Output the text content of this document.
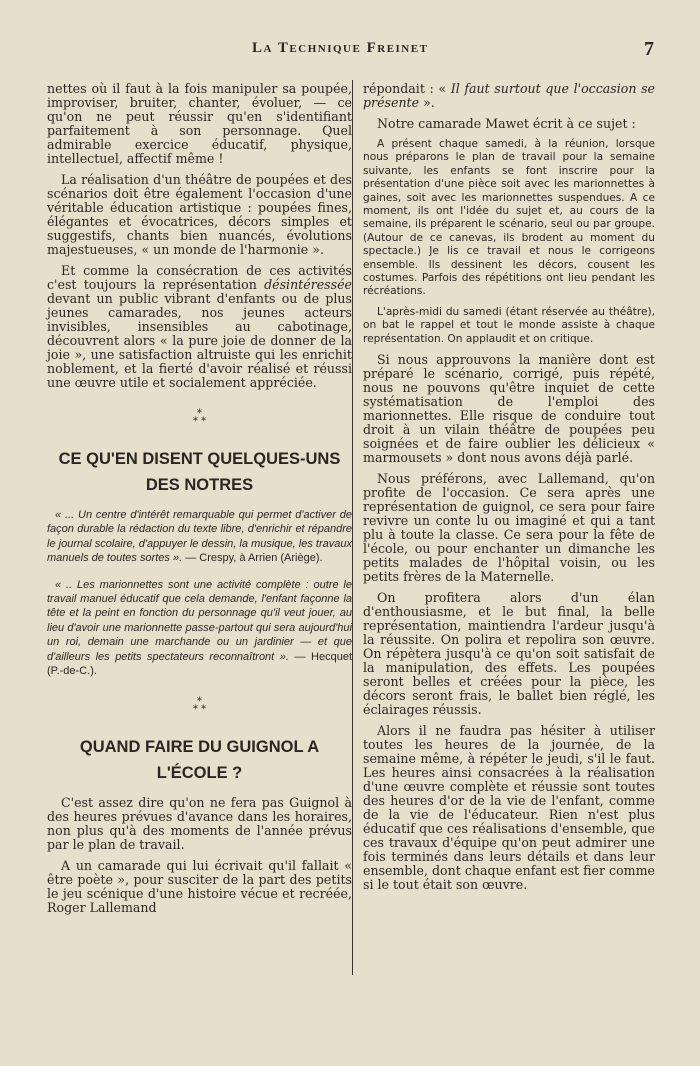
La Technique Freinet	7

nettes où il faut à la fois manipuler sa poupée, improviser, bruiter, chanter, évoluer, — ce qu'on ne peut réussir qu'en s'identifiant parfaitement à son personnage. Quel admirable exercice éducatif, physique, intellectuel, affectif même !

La réalisation d'un théâtre de poupées et des scénarios doit être également l'occasion d'une véritable éducation artistique : poupées fines, élégantes et évocatrices, décors simples et suggestifs, chants bien nuancés, évolutions majestueuses, « un monde de l'harmonie ».

Et comme la consécration de ces activités c'est toujours la représentation désintéressée devant un public vibrant d'enfants ou de plus jeunes camarades, nos jeunes acteurs invisibles, insensibles au cabotinage, découvrent alors « la pure joie de donner de la joie », une satisfaction altruiste qui les enrichit noblement, et la fierté d'avoir réalisé et réussi une œuvre utile et socialement appréciée.

*
* *
CE QU'EN DISENT QUELQUES-UNS DES NOTRES

« ... Un centre d'intérêt remarquable qui permet d'activer de façon durable la rédaction du texte libre, d'enrichir et répandre le journal scolaire, d'appuyer le dessin, la musique, les travaux manuels de toutes sortes ». — Crespy, à Arrien (Ariège).

« .. Les marionnettes sont une activité complète : outre le travail manuel éducatif que cela demande, l'enfant façonne la tête et la peint en fonction du personnage qu'il veut jouer, au lieu d'avoir une marionnette passe-partout qui sera aujourd'hui un roi, demain une marchande ou un jardinier — et que d'ailleurs les petits spectateurs reconnaîtront ». — Hecquet (P.-de-C.).

*
* *
QUAND FAIRE DU GUIGNOL A L'ÉCOLE ?

C'est assez dire qu'on ne fera pas Guignol à des heures prévues d'avance dans les horaires, non plus qu'à des moments de l'année prévus par le plan de travail.

A un camarade qui lui écrivait qu'il fallait « être poète », pour susciter de la part des petits le jeu scénique d'une histoire vécue et recréée, Roger Lallemand

répondait : « Il faut surtout que l'occasion se présente ».

Notre camarade Mawet écrit à ce sujet :

A présent chaque samedi, à la réunion, lorsque nous préparons le plan de travail pour la semaine suivante, les enfants se font inscrire pour la présentation d'une pièce soit avec les marionnettes à gaines, soit avec les marionnettes suspendues. A ce moment, ils ont l'idée du sujet et, au cours de la semaine, ils préparent le scénario, seul ou par groupe. (Autour de ce canevas, ils brodent au moment du spectacle.) Je lis ce travail et nous le corrigeons ensemble. Ils dessinent les décors, cousent les costumes. Parfois des répétitions ont lieu pendant les récréations.

L'après-midi du samedi (étant réservée au théâtre), on bat le rappel et tout le monde assiste à chaque représentation. On applaudit et on critique.

Si nous approuvons la manière dont est préparé le scénario, corrigé, puis répété, nous ne pouvons qu'être inquiet de cette systématisation de l'emploi des marionnettes. Elle risque de conduire tout droit à un vilain théâtre de poupées peu soignées et de faire oublier les délicieux « marmousets » dont nous avons déjà parlé.

Nous préférons, avec Lallemand, qu'on profite de l'occasion. Ce sera après une représentation de guignol, ce sera pour faire revivre un conte lu ou imaginé et qui a tant plu à toute la classe. Ce sera pour la fête de l'école, ou pour enchanter un dimanche les petits malades de l'hôpital voisin, ou les petits frères de la Maternelle.

On profitera alors d'un élan d'enthousiasme, et le but final, la belle représentation, maintiendra l'ardeur jusqu'à la réussite. On polira et repolira son œuvre. On répètera jusqu'à ce qu'on soit satisfait de la manipulation, des effets. Les poupées seront belles et créées pour la pièce, les décors seront frais, le ballet bien réglé, les éclairages réussis.

Alors il ne faudra pas hésiter à utiliser toutes les heures de la journée, de la semaine même, à répéter le jeudi, s'il le faut. Les heures ainsi consacrées à la réalisation d'une œuvre complète et réussie sont toutes des heures d'or de la vie de l'enfant, comme de la vie de l'éducateur. Rien n'est plus éducatif que ces réalisations d'ensemble, que ces travaux d'équipe qu'on peut admirer une fois terminés dans leurs détails et dans leur ensemble, dont chaque enfant est fier comme si le tout était son œuvre.
